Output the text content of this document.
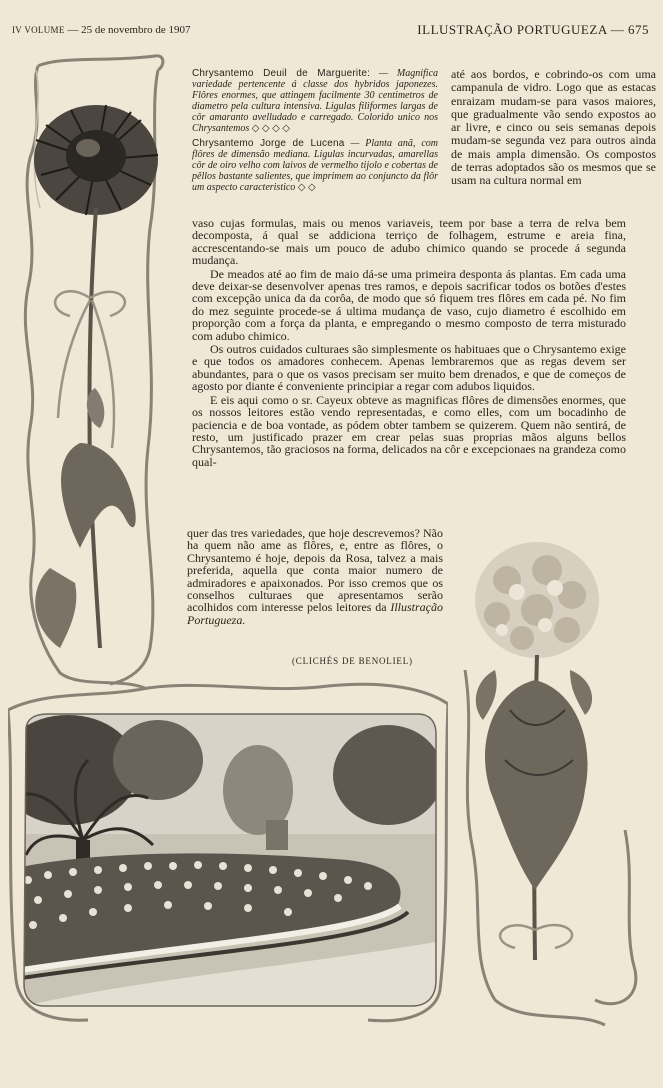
IV VOLUME — 25 de novembro de 1907	ILLUSTRAÇÃO PORTUGUEZA — 675

Chrysantemo Deuil de Marguerite: — Magnifica variedade pertencente á classe dos hybridos japonezes. Flôres enormes, que attingem facilmente 30 centimetros de diametro pela cultura intensiva. Ligulas filiformes largas de côr amaranto avelludado e carregado. Colorido unico nos Chrysantemos ◇ ◇ ◇ ◇

Chrysantemo Jorge de Lucena — Planta anã, com flôres de dimensão mediana. Ligulas incurvadas, amarellas côr de oiro velho com laivos de vermelho tijolo e cobertas de pêllos bastante salientes, que imprimem ao conjuncto da flôr um aspecto caracteristico ◇ ◇

até aos bordos, e cobrindo-os com uma campanula de vidro. Logo que as estacas enraizam mudam-se para vasos maiores, que gradualmente vão sendo expostos ao ar livre, e cinco ou seis semanas depois mudam-se segunda vez para outros ainda de mais ampla dimensão. Os compostos de terras adoptados são os mesmos que se usam na cultura normal em

vaso cujas formulas, mais ou menos variaveis, teem por base a terra de relva bem decomposta, á qual se addiciona terriço de folhagem, estrume e areia fina, accrescentando-se mais um pouco de adubo chimico quando se procede á segunda mudança.

De meados até ao fim de maio dá-se uma primeira desponta ás plantas. Em cada uma deve deixar-se desenvolver apenas tres ramos, e depois sacrificar todos os botões d'estes com excepção unica da da corôa, de modo que só fiquem tres flôres em cada pé. No fim do mez seguinte procede-se á ultima mudança de vaso, cujo diametro é escolhido em proporção com a força da planta, e empregando o mesmo composto de terra misturado com adubo chimico.

Os outros cuidados culturaes são simplesmente os habituaes que o Chrysantemo exige e que todos os amadores conhecem. Apenas lembraremos que as regas devem ser abundantes, para o que os vasos precisam ser muito bem drenados, e que de começos de agosto por diante é conveniente principiar a regar com adubos liquidos.

E eis aqui como o sr. Cayeux obteve as magnificas flôres de dimensões enormes, que os nossos leitores estão vendo representadas, e como elles, com um bocadinho de paciencia e de boa vontade, as pódem obter tambem se quizerem. Quem não sentirá, de resto, um justificado prazer em crear pelas suas proprias mãos alguns bellos Chrysantemos, tão graciosos na forma, delicados na côr e excepcionaes na grandeza como qual-

quer das tres variedades, que hoje descrevemos? Não ha quem não ame as flôres, e, entre as flôres, o Chrysantemo é hoje, depois da Rosa, talvez a mais preferida, aquella que conta maior numero de admiradores e apaixonados. Por isso cremos que os conselhos culturaes que apresentamos serão acolhidos com interesse pelos leitores da Illustração Portugueza.
(CLICHÉS DE BENOLIEL)
